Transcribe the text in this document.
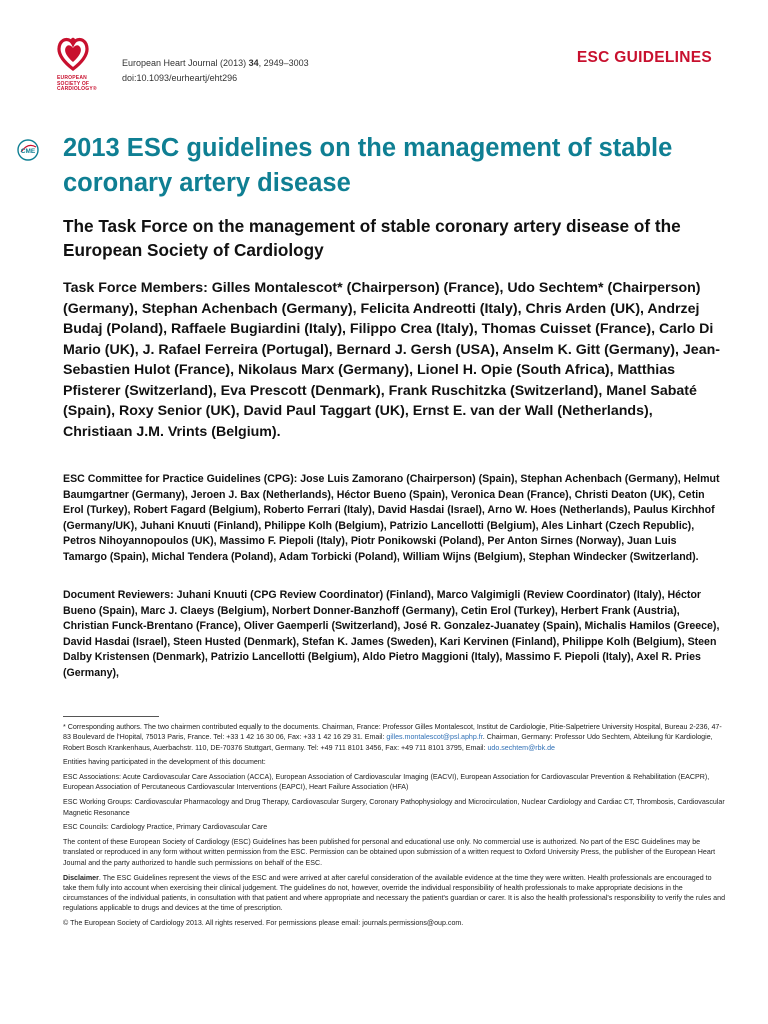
EUROPEAN SOCIETY OF CARDIOLOGY®
European Heart Journal (2013) 34, 2949–3003
doi:10.1093/eurheartj/eht296
ESC GUIDELINES
CME 2013 ESC guidelines on the management of stable coronary artery disease
The Task Force on the management of stable coronary artery disease of the European Society of Cardiology

Task Force Members: Gilles Montalescot* (Chairperson) (France), Udo Sechtem* (Chairperson) (Germany), Stephan Achenbach (Germany), Felicita Andreotti (Italy), Chris Arden (UK), Andrzej Budaj (Poland), Raffaele Bugiardini (Italy), Filippo Crea (Italy), Thomas Cuisset (France), Carlo Di Mario (UK), J. Rafael Ferreira (Portugal), Bernard J. Gersh (USA), Anselm K. Gitt (Germany), Jean-Sebastien Hulot (France), Nikolaus Marx (Germany), Lionel H. Opie (South Africa), Matthias Pfisterer (Switzerland), Eva Prescott (Denmark), Frank Ruschitzka (Switzerland), Manel Sabaté (Spain), Roxy Senior (UK), David Paul Taggart (UK), Ernst E. van der Wall (Netherlands), Christiaan J.M. Vrints (Belgium).

ESC Committee for Practice Guidelines (CPG): Jose Luis Zamorano (Chairperson) (Spain), Stephan Achenbach (Germany), Helmut Baumgartner (Germany), Jeroen J. Bax (Netherlands), Héctor Bueno (Spain), Veronica Dean (France), Christi Deaton (UK), Cetin Erol (Turkey), Robert Fagard (Belgium), Roberto Ferrari (Italy), David Hasdai (Israel), Arno W. Hoes (Netherlands), Paulus Kirchhof (Germany/UK), Juhani Knuuti (Finland), Philippe Kolh (Belgium), Patrizio Lancellotti (Belgium), Ales Linhart (Czech Republic), Petros Nihoyannopoulos (UK), Massimo F. Piepoli (Italy), Piotr Ponikowski (Poland), Per Anton Sirnes (Norway), Juan Luis Tamargo (Spain), Michal Tendera (Poland), Adam Torbicki (Poland), William Wijns (Belgium), Stephan Windecker (Switzerland).

Document Reviewers: Juhani Knuuti (CPG Review Coordinator) (Finland), Marco Valgimigli (Review Coordinator) (Italy), Héctor Bueno (Spain), Marc J. Claeys (Belgium), Norbert Donner-Banzhoff (Germany), Cetin Erol (Turkey), Herbert Frank (Austria), Christian Funck-Brentano (France), Oliver Gaemperli (Switzerland), José R. Gonzalez-Juanatey (Spain), Michalis Hamilos (Greece), David Hasdai (Israel), Steen Husted (Denmark), Stefan K. James (Sweden), Kari Kervinen (Finland), Philippe Kolh (Belgium), Steen Dalby Kristensen (Denmark), Patrizio Lancellotti (Belgium), Aldo Pietro Maggioni (Italy), Massimo F. Piepoli (Italy), Axel R. Pries (Germany),

* Corresponding authors. The two chairmen contributed equally to the documents. Chairman, France: Professor Gilles Montalescot, Institut de Cardiologie, Pitie-Salpetriere University Hospital, Bureau 2-236, 47-83 Boulevard de l'Hopital, 75013 Paris, France. Tel: +33 1 42 16 30 06, Fax: +33 1 42 16 29 31. Email: gilles.montalescot@psl.aphp.fr. Chairman, Germany: Professor Udo Sechtem, Abteilung für Kardiologie, Robert Bosch Krankenhaus, Auerbachstr. 110, DE-70376 Stuttgart, Germany. Tel: +49 711 8101 3456, Fax: +49 711 8101 3795, Email: udo.sechtem@rbk.de

Entities having participated in the development of this document:

ESC Associations: Acute Cardiovascular Care Association (ACCA), European Association of Cardiovascular Imaging (EACVI), European Association for Cardiovascular Prevention & Rehabilitation (EACPR), European Association of Percutaneous Cardiovascular Interventions (EAPCI), Heart Failure Association (HFA)

ESC Working Groups: Cardiovascular Pharmacology and Drug Therapy, Cardiovascular Surgery, Coronary Pathophysiology and Microcirculation, Nuclear Cardiology and Cardiac CT, Thrombosis, Cardiovascular Magnetic Resonance

ESC Councils: Cardiology Practice, Primary Cardiovascular Care

The content of these European Society of Cardiology (ESC) Guidelines has been published for personal and educational use only. No commercial use is authorized. No part of the ESC Guidelines may be translated or reproduced in any form without written permission from the ESC. Permission can be obtained upon submission of a written request to Oxford University Press, the publisher of the European Heart Journal and the party authorized to handle such permissions on behalf of the ESC.

Disclaimer. The ESC Guidelines represent the views of the ESC and were arrived at after careful consideration of the available evidence at the time they were written. Health professionals are encouraged to take them fully into account when exercising their clinical judgement. The guidelines do not, however, override the individual responsibility of health professionals to make appropriate decisions in the circumstances of the individual patients, in consultation with that patient and where appropriate and necessary the patient's guardian or carer. It is also the health professional's responsibility to verify the rules and regulations applicable to drugs and devices at the time of prescription.

© The European Society of Cardiology 2013. All rights reserved. For permissions please email: journals.permissions@oup.com.
